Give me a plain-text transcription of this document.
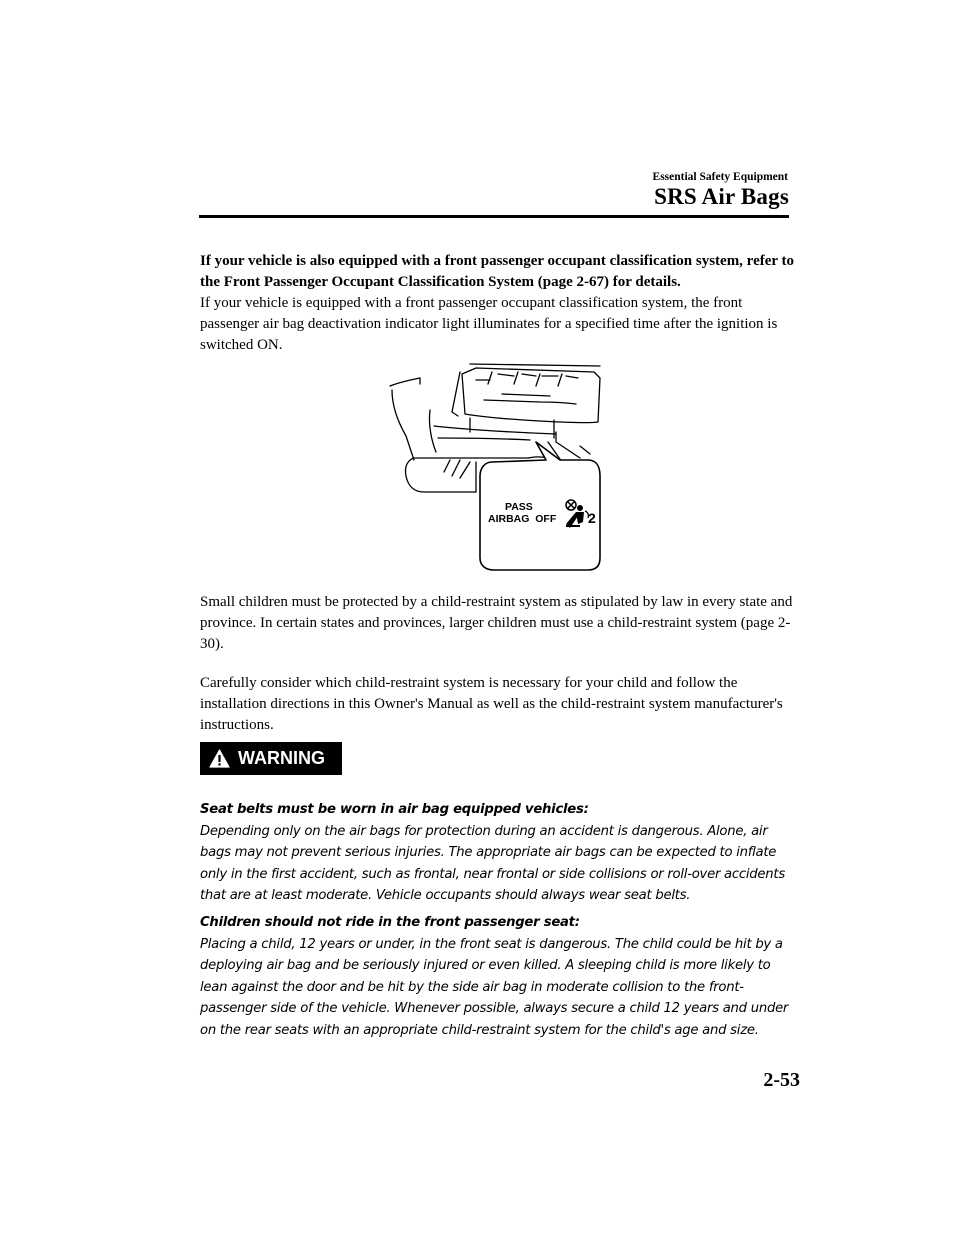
Essential Safety Equipment
SRS Air Bags
If your vehicle is also equipped with a front passenger occupant classification system, refer to the Front Passenger Occupant Classification System (page 2-67) for details.
If your vehicle is equipped with a front passenger occupant classification system, the front passenger air bag deactivation indicator light illuminates for a specified time after the ignition is switched ON.
PASS
AIRBAG  OFF 2
Small children must be protected by a child-restraint system as stipulated by law in every state and province. In certain states and provinces, larger children must use a child-restraint system (page 2-30).
Carefully consider which child-restraint system is necessary for your child and follow the installation directions in this Owner's Manual as well as the child-restraint system manufacturer's instructions.
WARNING
Seat belts must be worn in air bag equipped vehicles:
Depending only on the air bags for protection during an accident is dangerous. Alone, air bags may not prevent serious injuries. The appropriate air bags can be expected to inflate only in the first accident, such as frontal, near frontal or side collisions or roll-over accidents that are at least moderate. Vehicle occupants should always wear seat belts.
Children should not ride in the front passenger seat:
Placing a child, 12 years or under, in the front seat is dangerous. The child could be hit by a deploying air bag and be seriously injured or even killed. A sleeping child is more likely to lean against the door and be hit by the side air bag in moderate collision to the front-passenger side of the vehicle. Whenever possible, always secure a child 12 years and under on the rear seats with an appropriate child-restraint system for the child's age and size.
2-53
